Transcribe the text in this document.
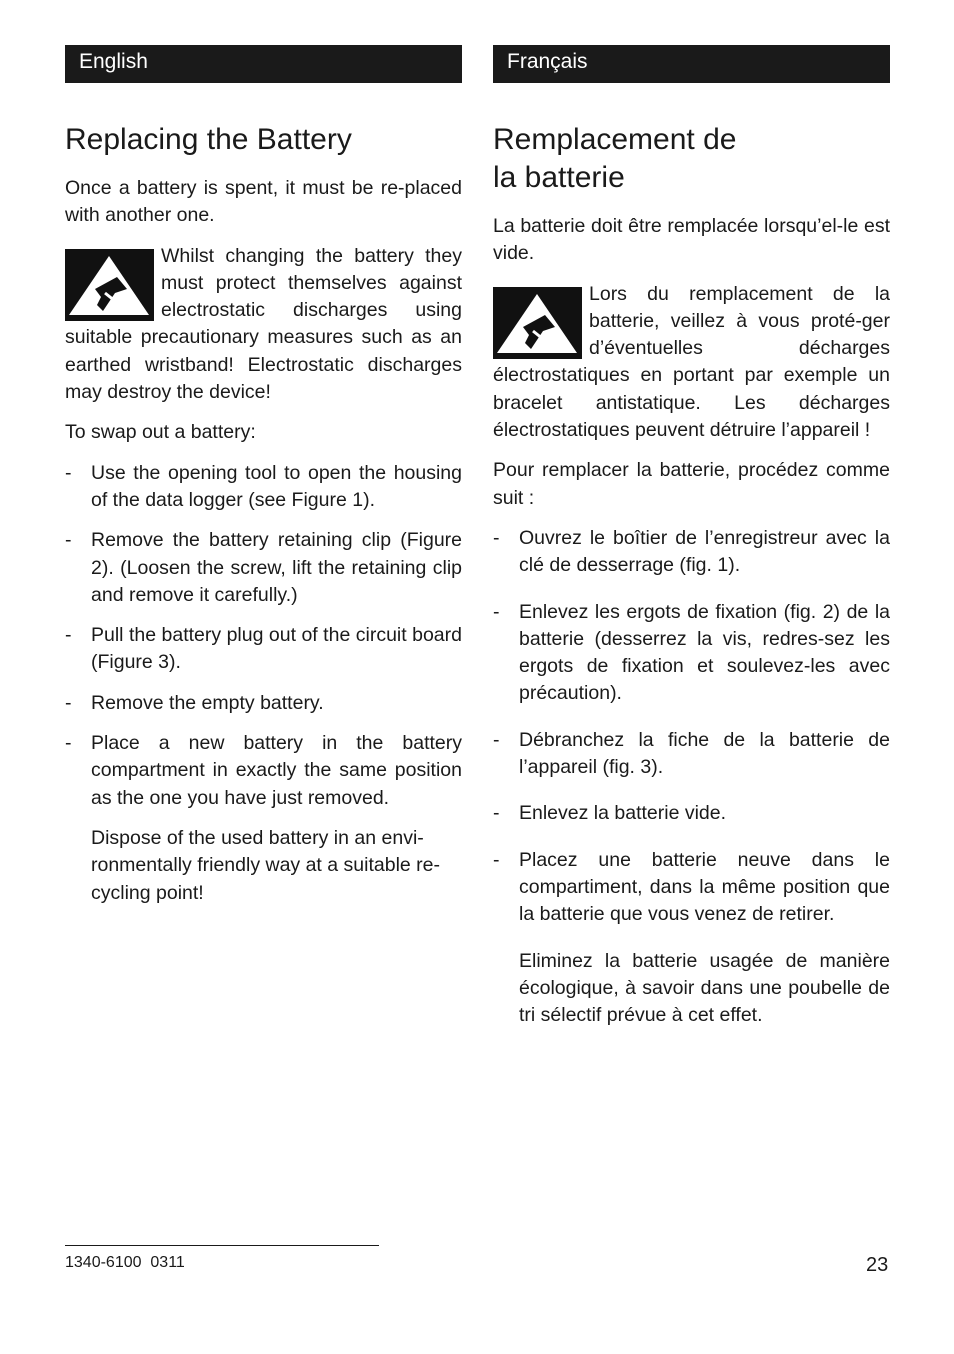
English
Replacing the Battery

Once a battery is spent, it must be re-placed with another one.

Whilst changing the battery they must protect themselves against electrostatic discharges using suitable precautionary measures such as an earthed wristband! Electrostatic discharges may destroy the device!

To swap out a battery:

- Use the opening tool to open the housing of the data logger (see Figure 1).
- Remove the battery retaining clip (Figure 2). (Loosen the screw, lift the retaining clip and remove it carefully.)
- Pull the battery plug out of the circuit board (Figure 3).
- Remove the empty battery.
- Place a new battery in the battery compartment in exactly the same position as the one you have just removed.

Dispose of the used battery in an envi-ronmentally friendly way at a suitable re-cycling point!

Français
Remplacement de
la batterie

La batterie doit être remplacée lorsqu’el-le est vide.

Lors du remplacement de la batterie, veillez à vous proté-ger d’éventuelles décharges électrostatiques en portant par exemple un bracelet antistatique. Les décharges électrostatiques peuvent détruire l’appareil !

Pour remplacer la batterie, procédez comme suit :

- Ouvrez le boîtier de l’enregistreur avec la clé de desserrage (fig. 1).
- Enlevez les ergots de fixation (fig. 2) de la batterie (desserrez la vis, redres-sez les ergots de fixation et soulevez-les avec précaution).
- Débranchez la fiche de la batterie de l’appareil (fig. 3).
- Enlevez la batterie vide.
- Placez une batterie neuve dans le compartiment, dans la même position que la batterie que vous venez de retirer.

Eliminez la batterie usagée de manière écologique, à savoir dans une poubelle de tri sélectif prévue à cet effet.

1340-6100  0311	23
